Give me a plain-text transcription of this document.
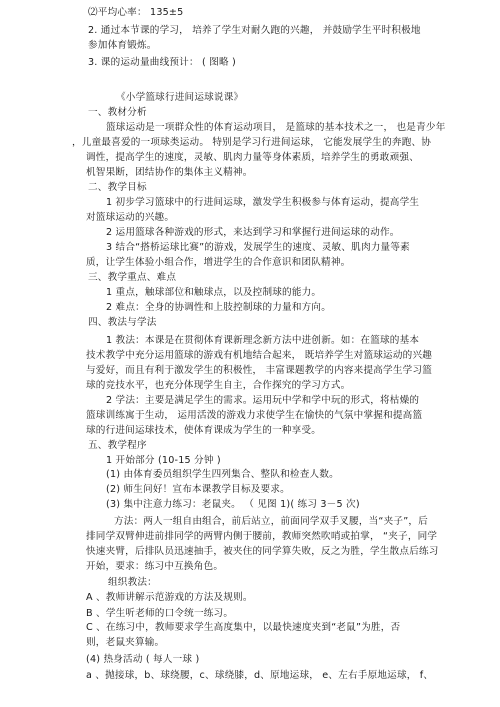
⑵平均心率： 135±5
2. 通过本节课的学习， 培养了学生对耐久跑的兴趣， 并鼓励学生平时积极地
参加体育锻炼。
3. 课的运动量曲线预计： ( 图略 )
《小学篮球行进间运球说课》
一、教材分析
篮球运动是一项群众性的体育运动项目， 是篮球的基本技术之一， 也是青少年
，儿童最喜爱的一项球类运动。 特别是学习行进间运球， 它能发展学生的奔跑、协
调性，提高学生的速度，灵敏、肌肉力量等身体素质，培养学生的勇敢顽强、
机智果断，团结协作的集体主义精神。
二、教学目标
1 初步学习篮球中的行进间运球，激发学生积极参与体育运动，提高学生
对篮球运动的兴趣。
2 运用篮球各种游戏的形式，来达到学习和掌握行进间运球的动作。
3 结合“搭桥运球比赛”的游戏，发展学生的速度、灵敏、肌肉力量等素
质，让学生体验小组合作，增进学生的合作意识和团队精神。
三、教学重点、难点
1 重点，触球部位和触球点，以及控制球的能力。
2 难点：全身的协调性和上肢控制球的力量和方向。
四、教法与学法
1 教法：本课是在贯彻体育课新理念新方法中进创新。如：在篮球的基本
技术教学中充分运用篮球的游戏有机地结合起来， 既培养学生对篮球运动的兴趣
与爱好，而且有利于激发学生的积极性， 丰富课题教学的内容来提高学生学习篮
球的竞技水平，也充分体现学生自主，合作探究的学习方式。
2 学法：主要是满足学生的需求。运用玩中学和学中玩的形式，将枯燥的
篮球训练寓于生动， 运用活泼的游戏力求使学生在愉快的气氛中掌握和提高篮
球的行进间运球技术，使体育课成为学生的一种享受。
五、教学程序
1 开始部分 (10-15 分钟 )
(1) 由体育委员组织学生四列集合、整队和检查人数。
(2) 师生问好！宣布本课教学目标及要求。
(3) 集中注意力练习：老鼠夹。 （ 见图 1)( 练习 3－5 次)
方法：两人一组自由组合，前后站立，前面同学双手叉腰，当“夹子”，后
排同学双臂伸进前排同学的两臂内侧于腰前，教师突然吹哨或拍掌， “夹子，同学
快速夹臂，后排队员迅速抽手，被夹住的同学算失败，反之为胜，学生散点后练习
开始，要求：练习中互换角色。
组织教法：
A 、教师讲解示范游戏的方法及规则。
B 、学生听老师的口令统一练习。
C 、在练习中，教师要求学生高度集中，以最快速度夹到“老鼠”为胜，否
则，老鼠夹算输。
(4) 热身活动 ( 每人一球 )
a 、抛接球，b、球绕腰，c、球绕膝，d、原地运球， e、左右手原地运球， f、
